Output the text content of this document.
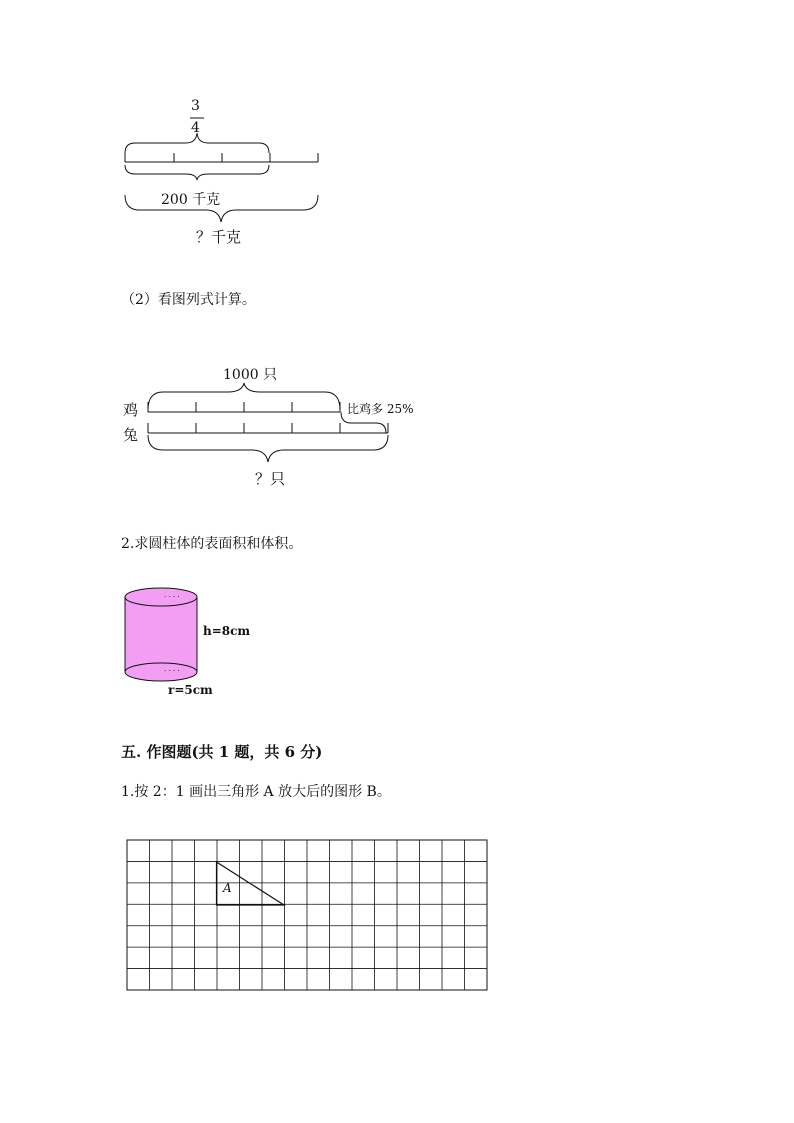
3
4
200 千克
？千克
（2）看图列式计算。
1000 只
鸡
兔
比鸡多 25%
？只
2.求圆柱体的表面积和体积。
· · · ·
· · · ·
h=8cm
r=5cm
五. 作图题(共 1 题，共 6 分)
1.按 2：1 画出三角形 A 放大后的图形 B。
A
